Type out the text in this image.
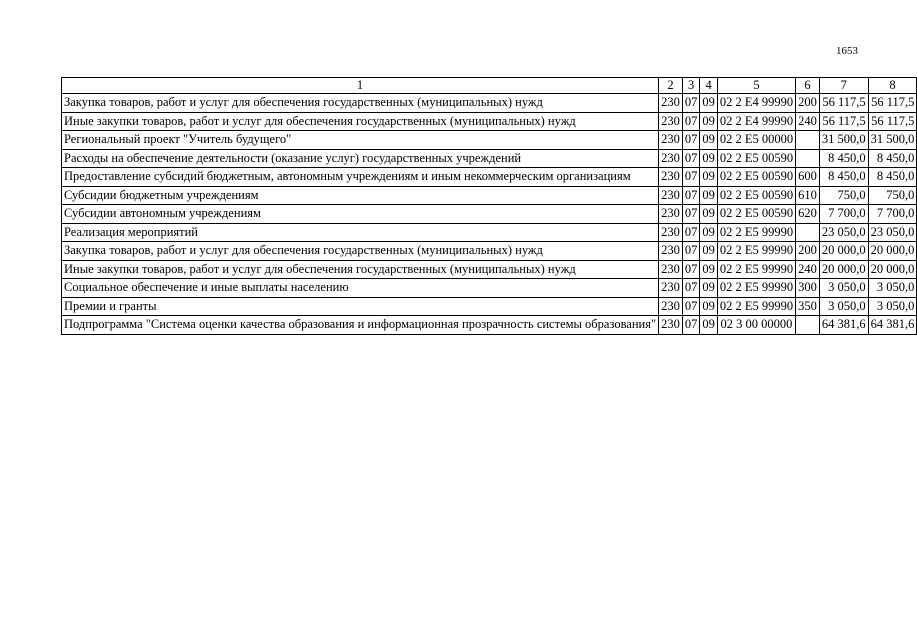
1653
1	2	3	4	5	6	7	8
Закупка товаров, работ и услуг для обеспечения государственных (муниципальных) нужд	230	07	09	02 2 E4 99990	200	56 117,5	56 117,5
Иные закупки товаров, работ и услуг для обеспечения государственных (муниципальных) нужд	230	07	09	02 2 E4 99990	240	56 117,5	56 117,5
Региональный проект "Учитель будущего"	230	07	09	02 2 E5 00000		31 500,0	31 500,0
Расходы на обеспечение деятельности (оказание услуг) государственных учреждений	230	07	09	02 2 E5 00590		8 450,0	8 450,0
Предоставление субсидий бюджетным, автономным учреждениям и иным некоммерческим организациям	230	07	09	02 2 E5 00590	600	8 450,0	8 450,0
Субсидии бюджетным учреждениям	230	07	09	02 2 E5 00590	610	750,0	750,0
Субсидии автономным учреждениям	230	07	09	02 2 E5 00590	620	7 700,0	7 700,0
Реализация мероприятий	230	07	09	02 2 E5 99990		23 050,0	23 050,0
Закупка товаров, работ и услуг для обеспечения государственных (муниципальных) нужд	230	07	09	02 2 E5 99990	200	20 000,0	20 000,0
Иные закупки товаров, работ и услуг для обеспечения государственных (муниципальных) нужд	230	07	09	02 2 E5 99990	240	20 000,0	20 000,0
Социальное обеспечение и иные выплаты населению	230	07	09	02 2 E5 99990	300	3 050,0	3 050,0
Премии и гранты	230	07	09	02 2 E5 99990	350	3 050,0	3 050,0
Подпрограмма "Система оценки качества образования и информационная прозрачность системы образования"	230	07	09	02 3 00 00000		64 381,6	64 381,6
